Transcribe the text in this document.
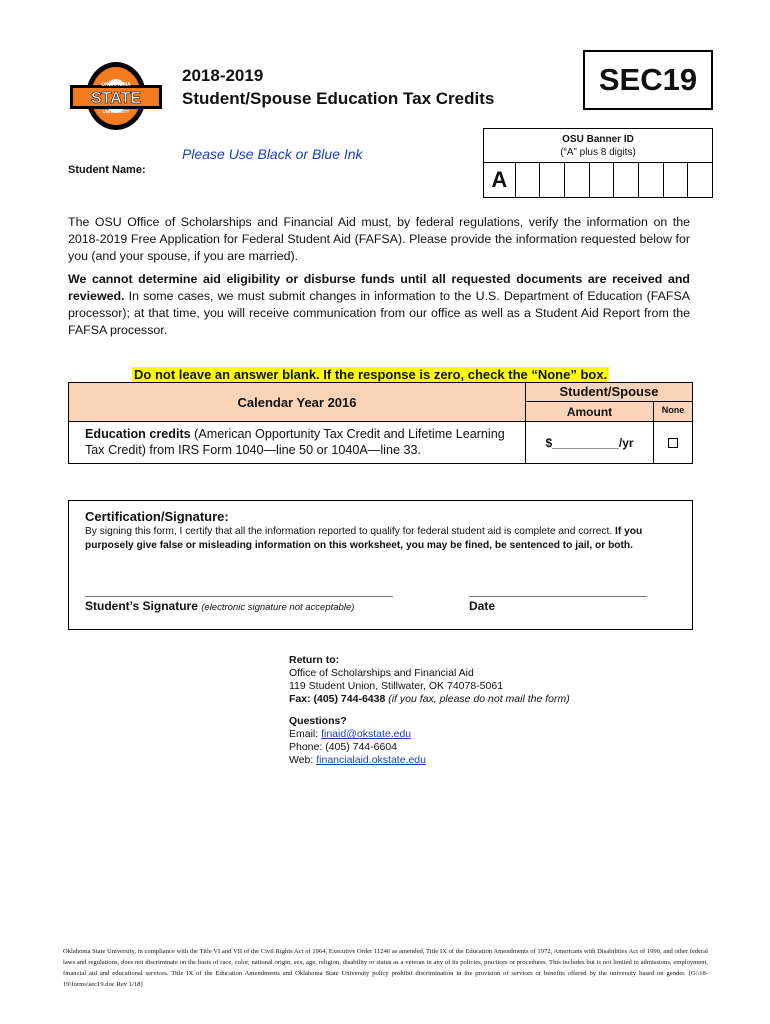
OKLAHOMA
STATE
UNIVERSITY
2018-2019
Student/Spouse Education Tax Credits
SEC19
Please Use Black or Blue Ink
Student Name:
OSU Banner ID
(“A” plus 8 digits)
A
The OSU Office of Scholarships and Financial Aid must, by federal regulations, verify the information on the 2018-2019 Free Application for Federal Student Aid (FAFSA). Please provide the information requested below for you (and your spouse, if you are married).
We cannot determine aid eligibility or disburse funds until all requested documents are received and reviewed. In some cases, we must submit changes in information to the U.S. Department of Education (FAFSA processor); at that time, you will receive communication from our office as well as a Student Aid Report from the FAFSA processor.
Do not leave an answer blank. If the response is zero, check the “None” box.
Calendar Year 2016
Student/Spouse
Amount	None
Education credits (American Opportunity Tax Credit and Lifetime Learning Tax Credit) from IRS Form 1040—line 50 or 1040A—line 33.
$__________/yr
Certification/Signature:
By signing this form, I certify that all the information reported to qualify for federal student aid is complete and correct. If you purposely give false or misleading information on this worksheet, you may be fined, be sentenced to jail, or both.
Student’s Signature (electronic signature not acceptable)	Date
Return to:
Office of Scholarships and Financial Aid
119 Student Union, Stillwater, OK 74078-5061
Fax: (405) 744-6438 (if you fax, please do not mail the form)
Questions?
Email: finaid@okstate.edu
Phone: (405) 744-6604
Web: financialaid.okstate.edu
Oklahoma State University, in compliance with the Title VI and VII of the Civil Rights Act of 1964, Executive Order 11246 as amended, Title IX of the Education Amendments of 1972, Americans with Disabilities Act of 1990, and other federal laws and regulations, does not discriminate on the basis of race, color, national origin, sex, age, religion, disability or status as a veteran in any of its policies, practices or procedures. This includes but is not limited to admissions, employment, financial aid and educational services. Title IX of the Education Amendments and Oklahoma State University policy prohibit discrimination in the provision of services or benefits offered by the university based on gender. [G:\18-19\forms\sec19.doc Rev 1/18]
